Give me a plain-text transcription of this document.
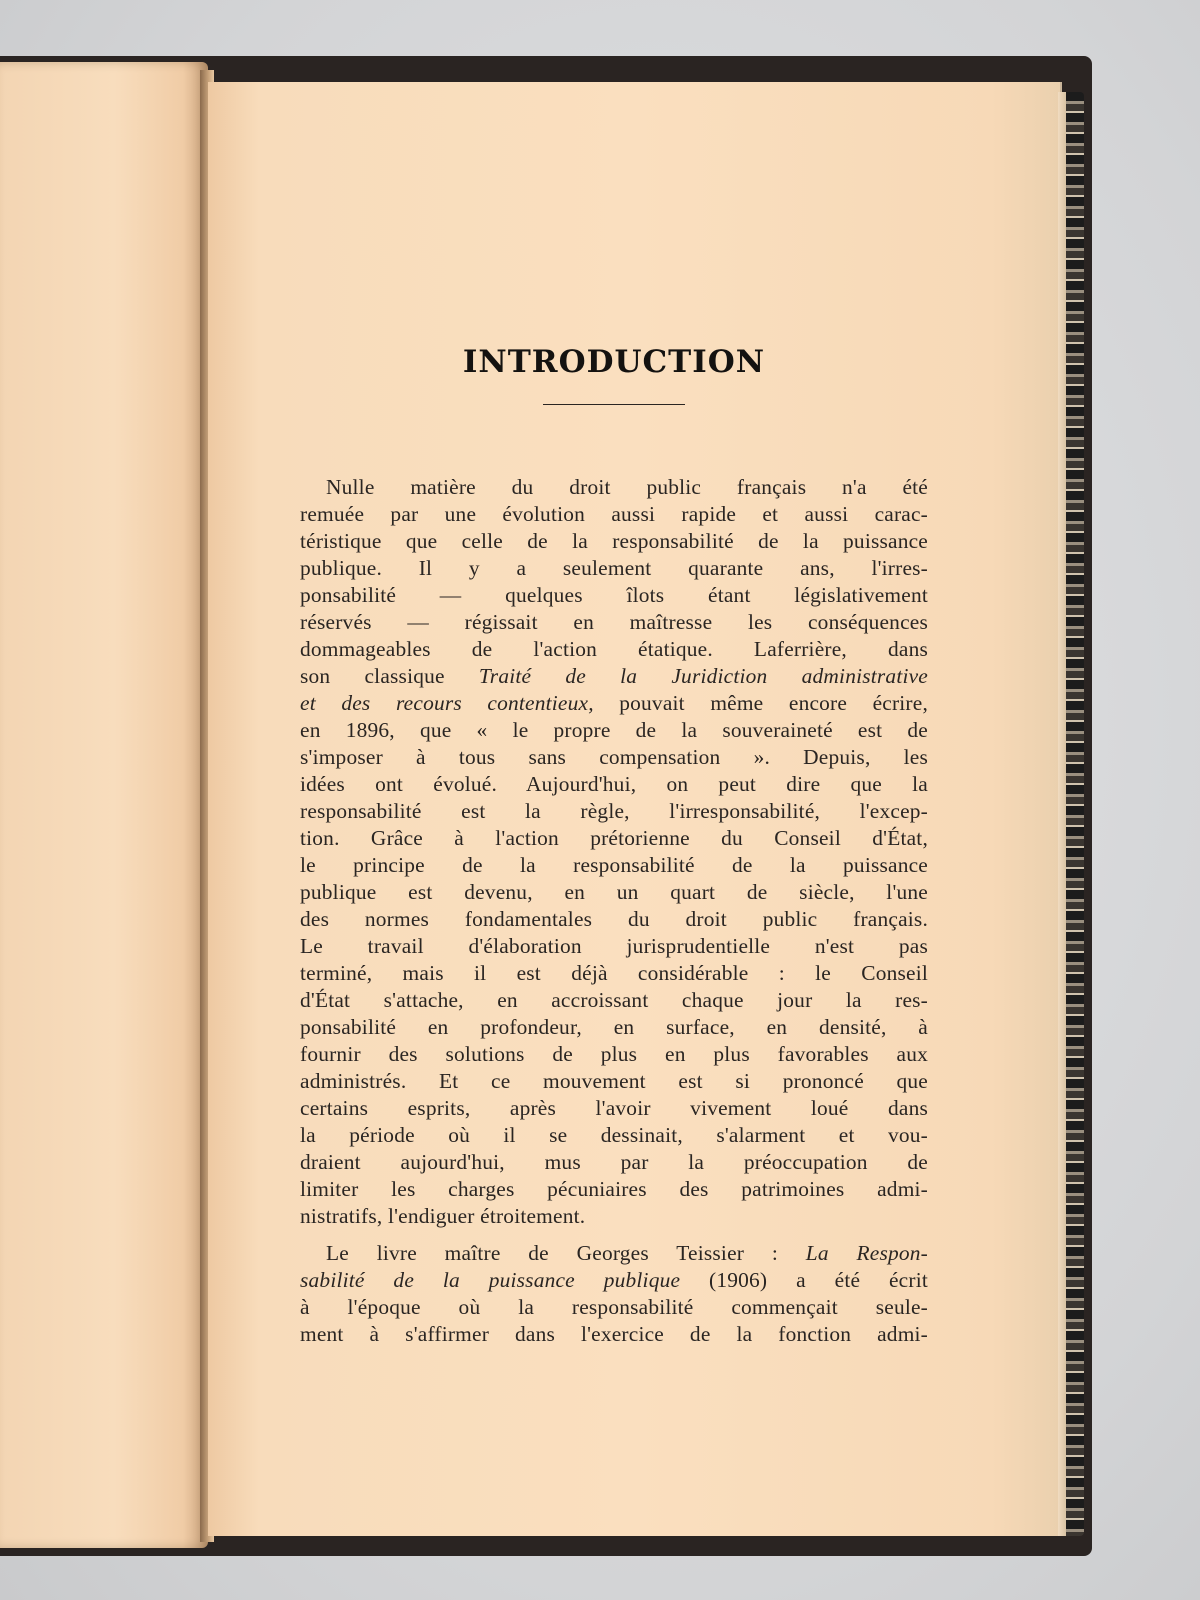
INTRODUCTION

Nulle matière du droit public français n'a été
remuée par une évolution aussi rapide et aussi carac-
téristique que celle de la responsabilité de la puissance
publique. Il y a seulement quarante ans, l'irres-
ponsabilité — quelques îlots étant législativement
réservés — régissait en maîtresse les conséquences
dommageables de l'action étatique. Laferrière, dans
son classique Traité de la Juridiction administrative
et des recours contentieux, pouvait même encore écrire,
en 1896, que « le propre de la souveraineté est de
s'imposer à tous sans compensation ». Depuis, les
idées ont évolué. Aujourd'hui, on peut dire que la
responsabilité est la règle, l'irresponsabilité, l'excep-
tion. Grâce à l'action prétorienne du Conseil d'État,
le principe de la responsabilité de la puissance
publique est devenu, en un quart de siècle, l'une
des normes fondamentales du droit public français.
Le travail d'élaboration jurisprudentielle n'est pas
terminé, mais il est déjà considérable : le Conseil
d'État s'attache, en accroissant chaque jour la res-
ponsabilité en profondeur, en surface, en densité, à
fournir des solutions de plus en plus favorables aux
administrés. Et ce mouvement est si prononcé que
certains esprits, après l'avoir vivement loué dans
la période où il se dessinait, s'alarment et vou-
draient aujourd'hui, mus par la préoccupation de
limiter les charges pécuniaires des patrimoines admi-
nistratifs, l'endiguer étroitement.

Le livre maître de Georges Teissier : La Respon-
sabilité de la puissance publique (1906) a été écrit
à l'époque où la responsabilité commençait seule-
ment à s'affirmer dans l'exercice de la fonction admi-
